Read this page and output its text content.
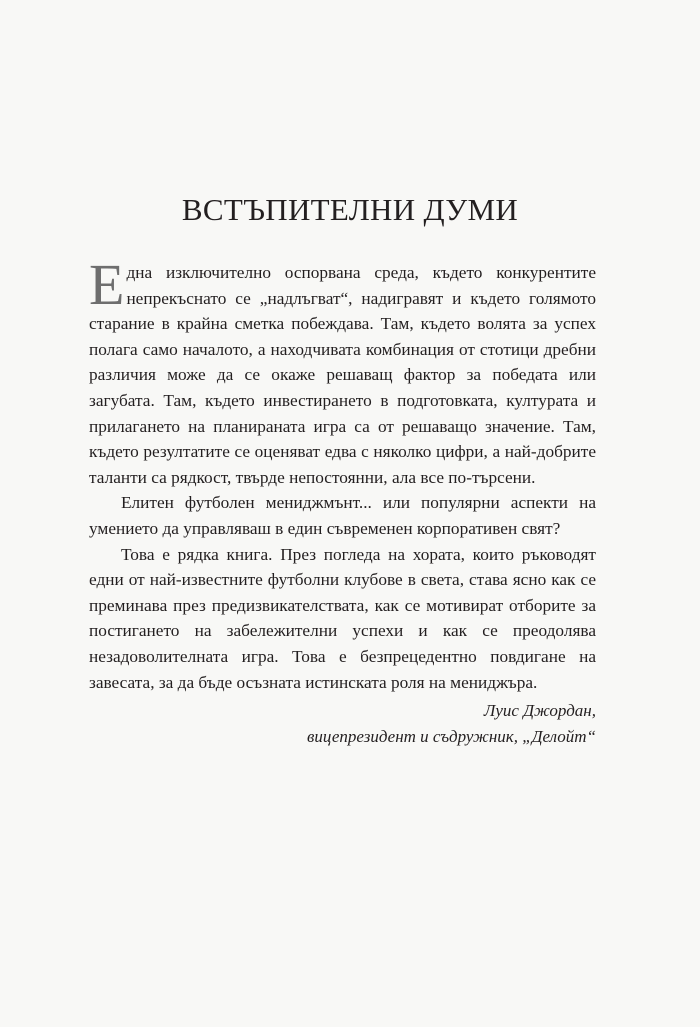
ВСТЪПИТЕЛНИ ДУМИ

Една изключително оспорвана среда, където конкурентите непрекъснато се „надлъгват“, надигравят и където голямото старание в крайна сметка побеждава. Там, където волята за успех полага само началото, а находчивата комбинация от стотици дребни различия може да се окаже решаващ фактор за победата или загубата. Там, където инвестирането в подготовката, културата и прилагането на планираната игра са от решаващо значение. Там, където резултатите се оценяват едва с няколко цифри, а най-добрите таланти са рядкост, твърде непостоянни, ала все по-търсени.

Елитен футболен мениджмънт... или популярни аспекти на умението да управляваш в един съвременен корпоративен свят?

Това е рядка книга. През погледа на хората, които ръководят едни от най-известните футболни клубове в света, става ясно как се преминава през предизвикателствата, как се мотивират отборите за постигането на забележителни успехи и как се преодолява незадоволителната игра. Това е безпрецедентно повдигане на завесата, за да бъде осъзната истинската роля на мениджъра.

Луис Джордан,
вицепрезидент и съдружник, „Делойт“
